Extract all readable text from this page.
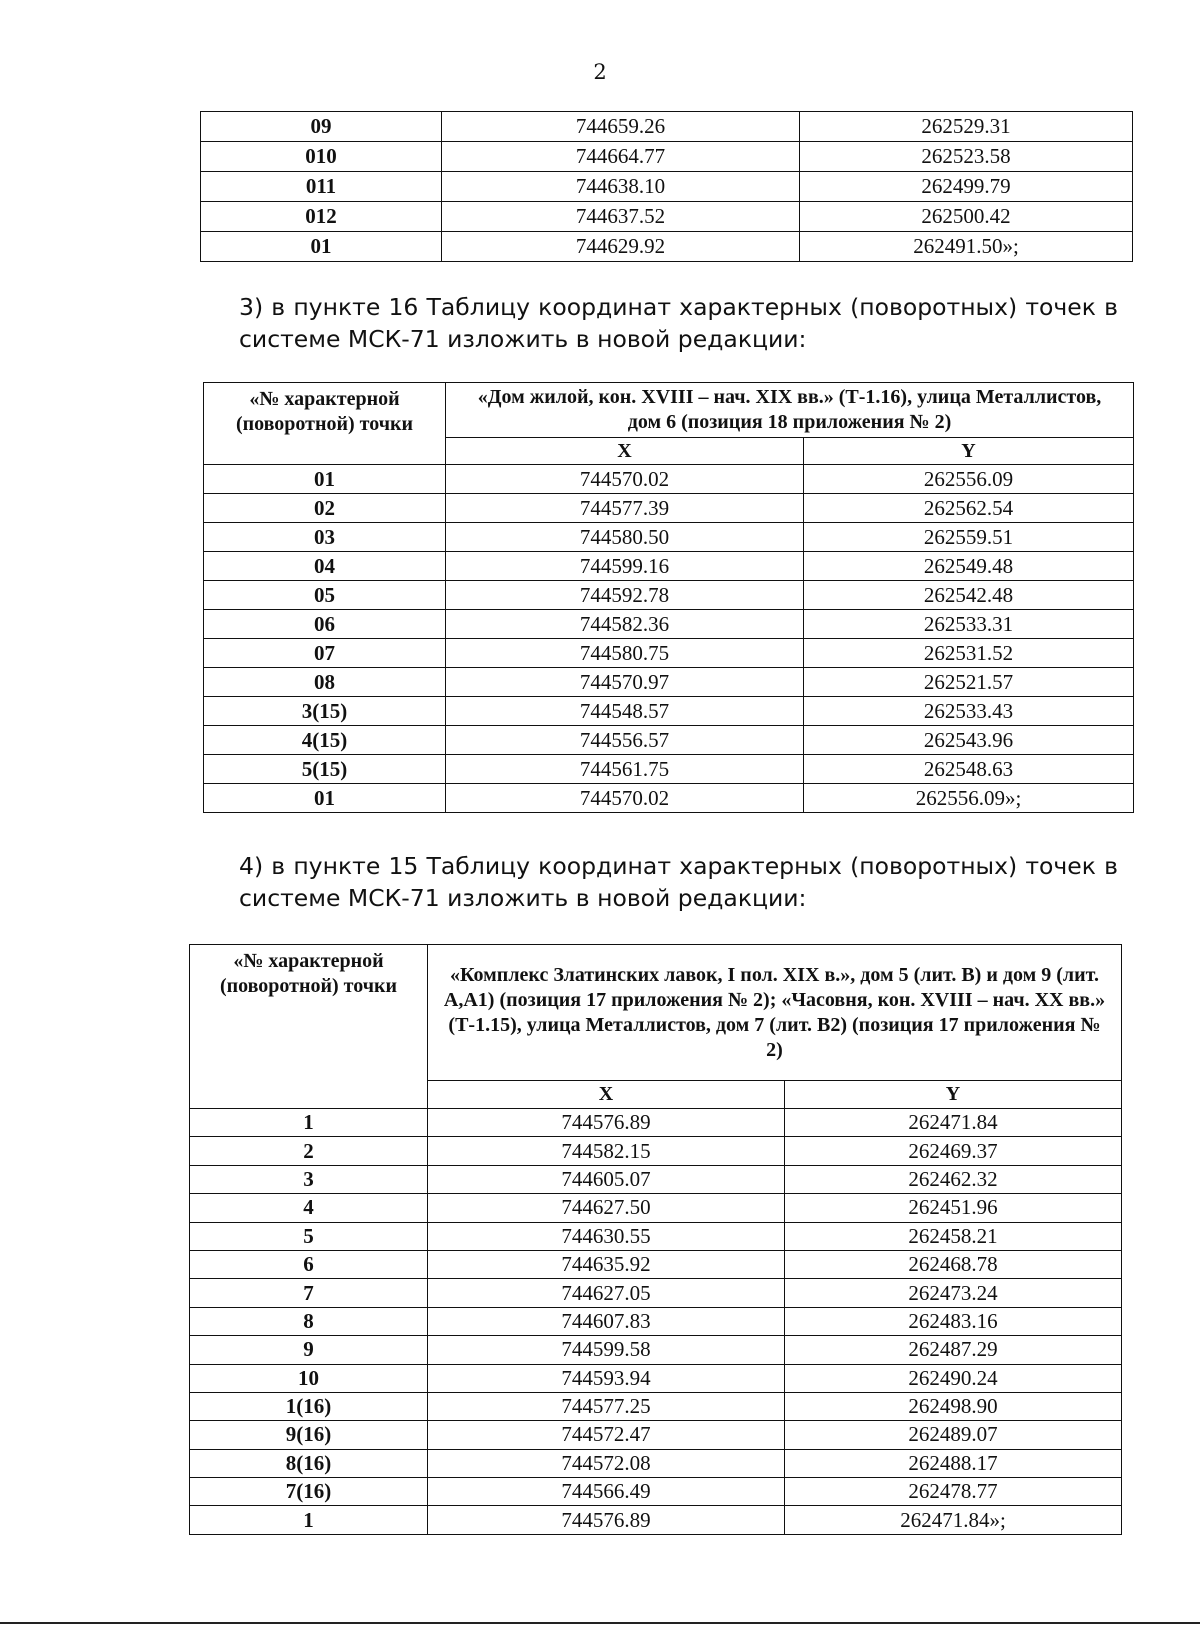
2
09	744659.26	262529.31
010	744664.77	262523.58
011	744638.10	262499.79
012	744637.52	262500.42
01	744629.92	262491.50»;
3) в пункте 16 Таблицу координат характерных (поворотных) точек в системе МСК-71 изложить в новой редакции:
«№ характерной (поворотной) точки	«Дом жилой, кон. XVIII – нач. XIX вв.» (Т-1.16), улица Металлистов, дом 6 (позиция 18 приложения № 2)	
	X	Y
01	744570.02	262556.09
02	744577.39	262562.54
03	744580.50	262559.51
04	744599.16	262549.48
05	744592.78	262542.48
06	744582.36	262533.31
07	744580.75	262531.52
08	744570.97	262521.57
3(15)	744548.57	262533.43
4(15)	744556.57	262543.96
5(15)	744561.75	262548.63
01	744570.02	262556.09»;
4) в пункте 15 Таблицу координат характерных (поворотных) точек в системе МСК-71 изложить в новой редакции:
«№ характерной (поворотной) точки	«Комплекс Златинских лавок, I пол. XIX в.», дом 5 (лит. В) и дом 9 (лит. А,А1) (позиция 17 приложения № 2); «Часовня, кон. XVIII – нач. XX вв.» (Т-1.15), улица Металлистов, дом 7 (лит. В2) (позиция 17 приложения № 2)	
	X	Y
1	744576.89	262471.84
2	744582.15	262469.37
3	744605.07	262462.32
4	744627.50	262451.96
5	744630.55	262458.21
6	744635.92	262468.78
7	744627.05	262473.24
8	744607.83	262483.16
9	744599.58	262487.29
10	744593.94	262490.24
1(16)	744577.25	262498.90
9(16)	744572.47	262489.07
8(16)	744572.08	262488.17
7(16)	744566.49	262478.77
1	744576.89	262471.84»;
